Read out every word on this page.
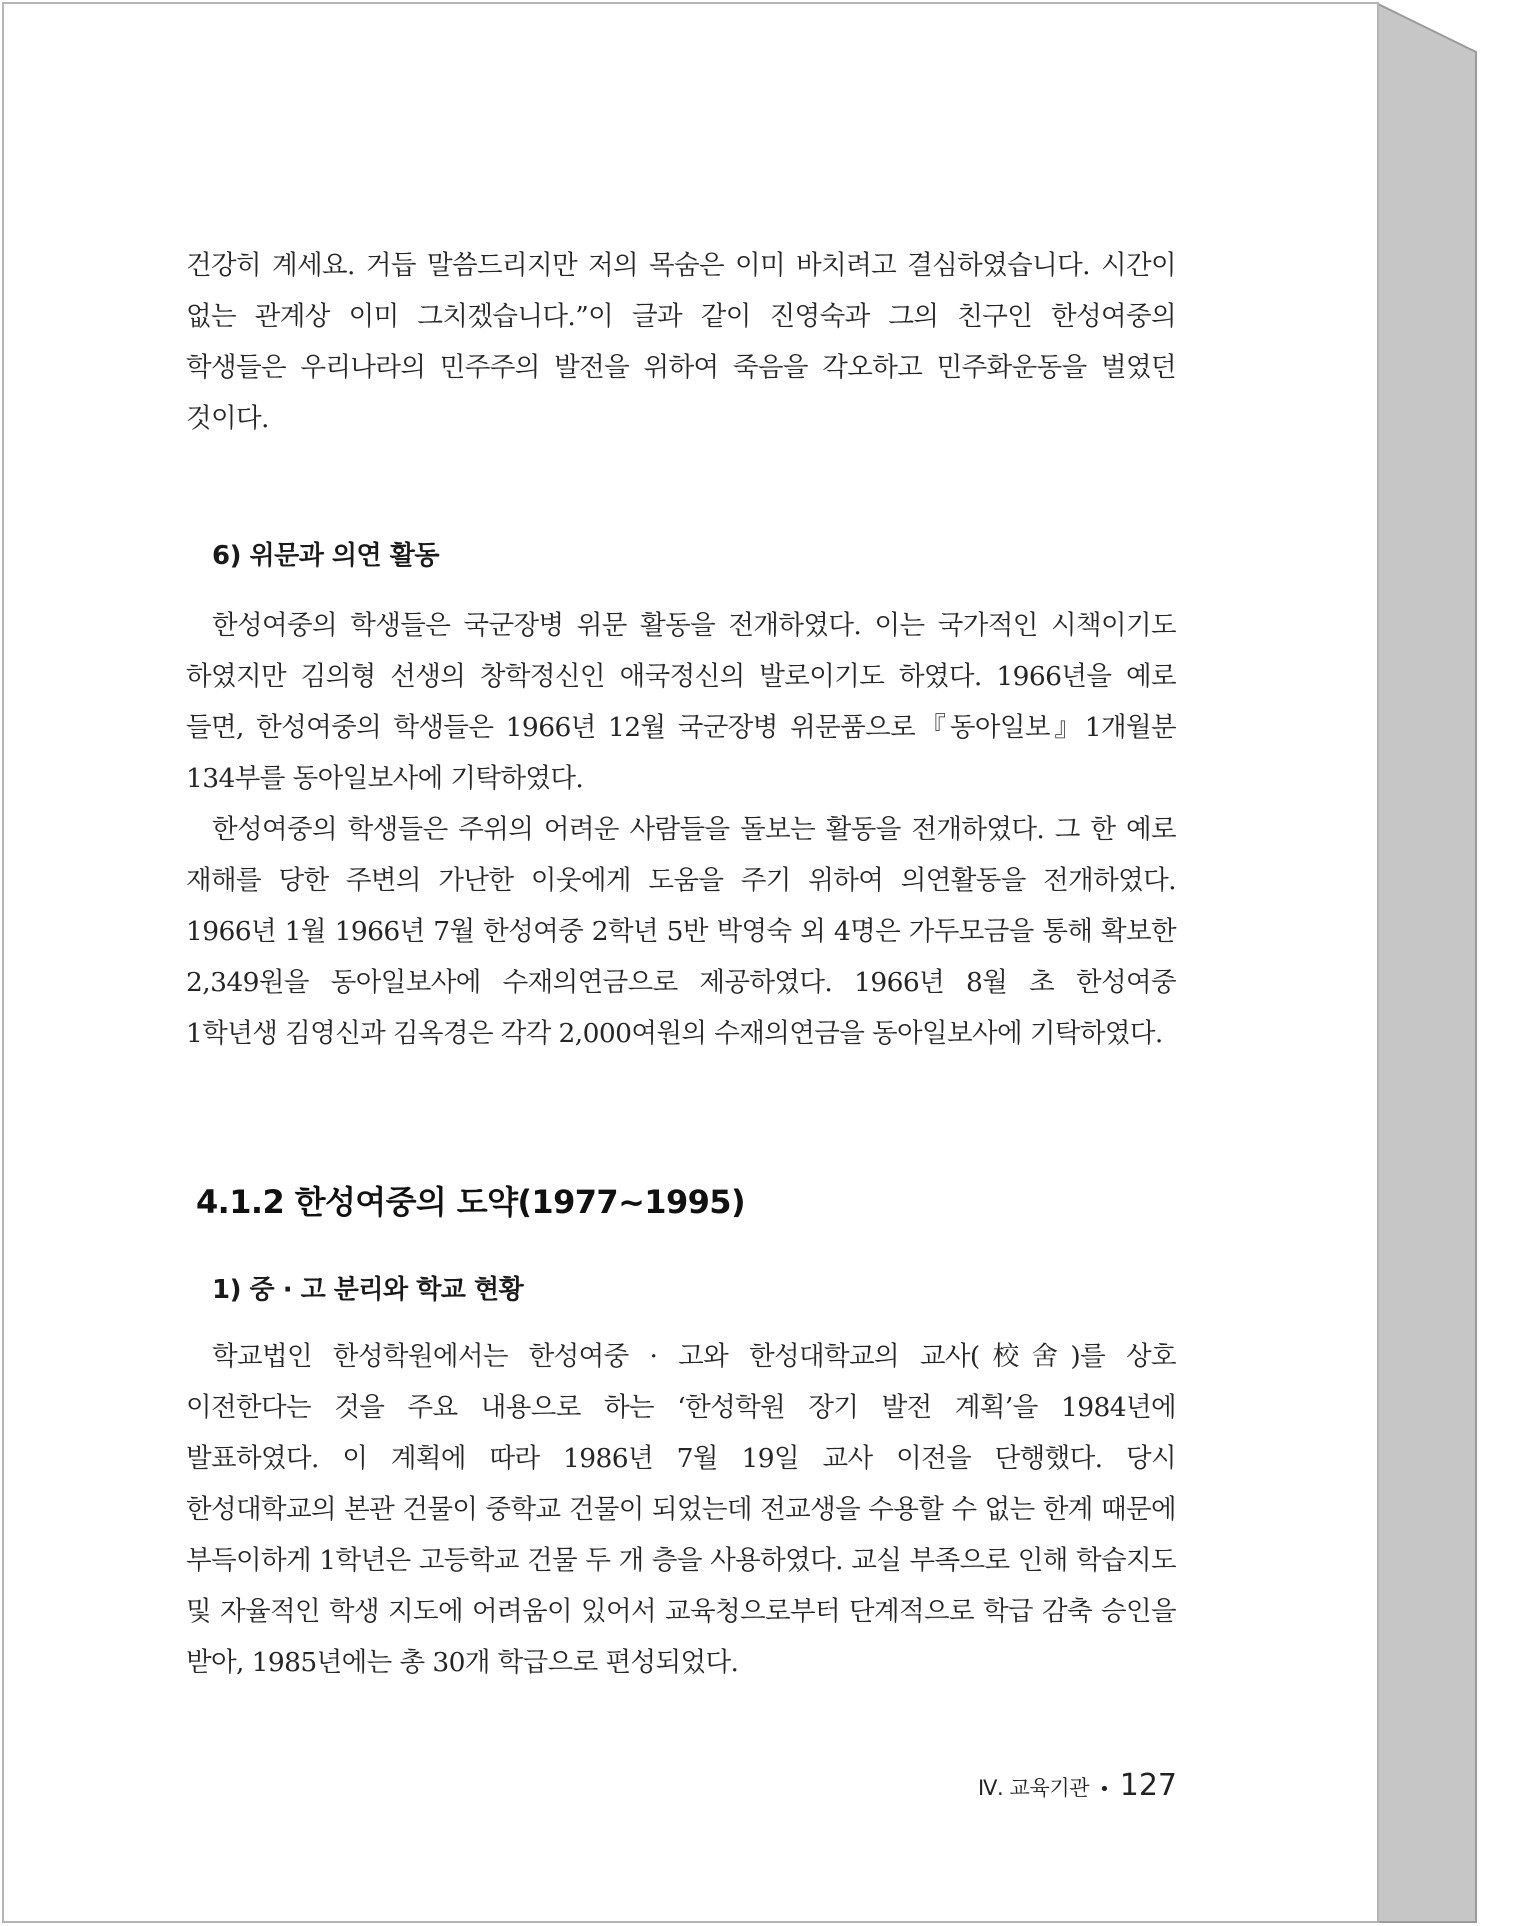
건강히 계세요. 거듭 말씀드리지만 저의 목숨은 이미 바치려고 결심하였습니다. 시간이 없는 관계상 이미 그치겠습니다.”이 글과 같이 진영숙과 그의 친구인 한성여중의 학생들은 우리나라의 민주주의 발전을 위하여 죽음을 각오하고 민주화운동을 벌였던 것이다.

6) 위문과 의연 활동

한성여중의 학생들은 국군장병 위문 활동을 전개하였다. 이는 국가적인 시책이기도 하였지만 김의형 선생의 창학정신인 애국정신의 발로이기도 하였다. 1966년을 예로 들면, 한성여중의 학생들은 1966년 12월 국군장병 위문품으로『동아일보』1개월분 134부를 동아일보사에 기탁하였다.

한성여중의 학생들은 주위의 어려운 사람들을 돌보는 활동을 전개하였다. 그 한 예로 재해를 당한 주변의 가난한 이웃에게 도움을 주기 위하여 의연활동을 전개하였다. 1966년 1월 1966년 7월 한성여중 2학년 5반 박영숙 외 4명은 가두모금을 통해 확보한 2,349원을 동아일보사에 수재의연금으로 제공하였다. 1966년 8월 초 한성여중 1학년생 김영신과 김옥경은 각각 2,000여원의 수재의연금을 동아일보사에 기탁하였다.

4.1.2 한성여중의 도약(1977~1995)
1) 중 · 고 분리와 학교 현황

학교법인 한성학원에서는 한성여중 · 고와 한성대학교의 교사(校舍)를 상호 이전한다는 것을 주요 내용으로 하는 ‘한성학원 장기 발전 계획’을 1984년에 발표하였다. 이 계획에 따라 1986년 7월 19일 교사 이전을 단행했다. 당시 한성대학교의 본관 건물이 중학교 건물이 되었는데 전교생을 수용할 수 없는 한계 때문에 부득이하게 1학년은 고등학교 건물 두 개 층을 사용하였다. 교실 부족으로 인해 학습지도 및 자율적인 학생 지도에 어려움이 있어서 교육청으로부터 단계적으로 학급 감축 승인을 받아, 1985년에는 총 30개 학급으로 편성되었다.

Ⅳ. 교육기관 • 127
